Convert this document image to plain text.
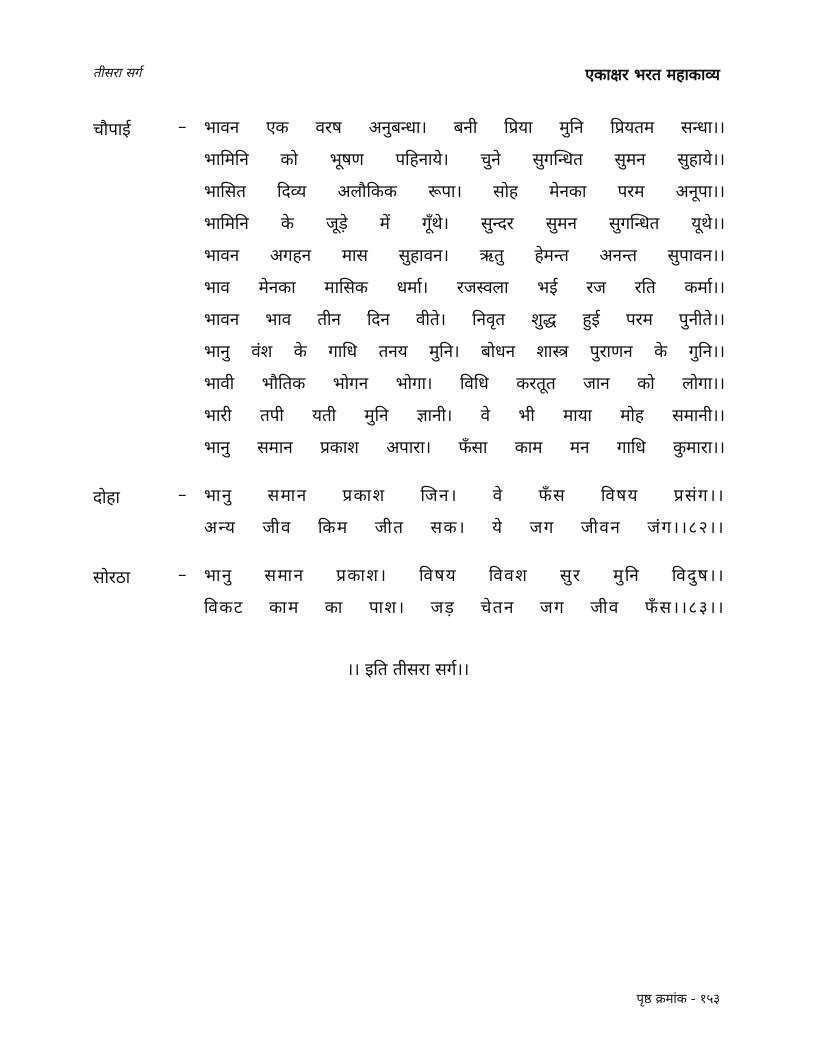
तीसरा सर्ग	एकाक्षर भरत महाकाव्य
चौपाई	– भावन एक वरष अनुबन्धा। बनी प्रिया मुनि प्रियतम सन्धा।।
भामिनि को भूषण पहिनाये। चुने सुगन्धित सुमन सुहाये।।
भासित दिव्य अलौकिक रूपा। सोह मेनका परम अनूपा।।
भामिनि के जूड़े में गूँथे। सुन्दर सुमन सुगन्धित यूथे।।
भावन अगहन मास सुहावन। ऋतु हेमन्त अनन्त सुपावन।।
भाव मेनका मासिक धर्मा। रजस्वला भई रज रति कर्मा।।
भावन भाव तीन दिन वीते। निवृत शुद्ध हुई परम पुनीते।।
भानु वंश के गाधि तनय मुनि। बोधन शास्त्र पुराणन के गुनि।।
भावी भौतिक भोगन भोगा। विधि करतूत जान को लोगा।।
भारी तपी यती मुनि ज्ञानी। वे भी माया मोह समानी।।
भानु समान प्रकाश अपारा। फँसा काम मन गाधि कुमारा।।
दोहा	– भानु समान प्रकाश जिन। वे फँस विषय प्रसंग।।
अन्य जीव किम जीत सक। ये जग जीवन जंग।।८२।।
सोरठा	– भानु समान प्रकाश। विषय विवश सुर मुनि विदुष।।
विकट काम का पाश। जड़ चेतन जग जीव फँस।।८३।।
।। इति तीसरा सर्ग।।
पृष्ठ क्रमांक - १५३
